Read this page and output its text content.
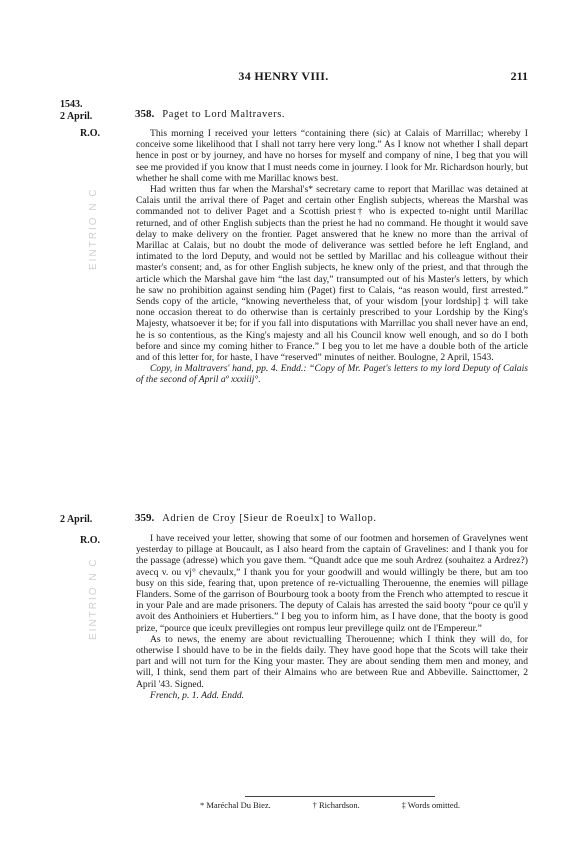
34 HENRY VIII.	211
1543.
2 April.
R.O.
358. Paget to Lord Maltravers.

This morning I received your letters “containing there (sic) at Calais of Marrillac; whereby I conceive some likelihood that I shall not tarry here very long.” As I know not whether I shall depart hence in post or by journey, and have no horses for myself and company of nine, I beg that you will see me provided if you know that I must needs come in journey. I look for Mr. Richardson hourly, but whether he shall come with me Marillac knows best.

Had written thus far when the Marshal's* secretary came to report that Marillac was detained at Calais until the arrival there of Paget and certain other English subjects, whereas the Marshal was commanded not to deliver Paget and a Scottish priest† who is expected to-night until Marillac returned, and of other English subjects than the priest he had no command. He thought it would save delay to make delivery on the frontier. Paget answered that he knew no more than the arrival of Marillac at Calais, but no doubt the mode of deliverance was settled before he left England, and intimated to the lord Deputy, and would not be settled by Marillac and his colleague without their master's consent; and, as for other English subjects, he knew only of the priest, and that through the article which the Marshal gave him “the last day,” transumpted out of his Master's letters, by which he saw no prohibition against sending him (Paget) first to Calais, “as reason would, first arrested.” Sends copy of the article, “knowing nevertheless that, of your wisdom [your lordship] ‡ will take none occasion thereat to do otherwise than is certainly prescribed to your Lordship by the King's Majesty, whatsoever it be; for if you fall into disputations with Marrillac you shall never have an end, he is so contentious, as the King's majesty and all his Council know well enough, and so do I both before and since my coming hither to France.” I beg you to let me have a double both of the article and of this letter for, for haste, I have “reserved” minutes of neither. Boulogne, 2 April, 1543.

Copy, in Maltravers' hand, pp. 4. Endd.: “Copy of Mr. Paget's letters to my lord Deputy of Calais of the second of April aº xxxiiij°.

2 April.
R.O.
359. Adrien de Croy [Sieur de Roeulx] to Wallop.

I have received your letter, showing that some of our footmen and horsemen of Gravelynes went yesterday to pillage at Boucault, as I also heard from the captain of Gravelines: and I thank you for the passage (adresse) which you gave them. “Quandt adce que me souh Ardrez (souhaitez a Ardrez?) avecq v. ou vj° chevaulx,” I thank you for your goodwill and would willingly be there, but am too busy on this side, fearing that, upon pretence of re-victualling Therouenne, the enemies will pillage Flanders. Some of the garrison of Bourbourg took a booty from the French who attempted to rescue it in your Pale and are made prisoners. The deputy of Calais has arrested the said booty “pour ce qu'il y avoit des Anthoiniers et Hubertiers.” I beg you to inform him, as I have done, that the booty is good prize, “pource que iceulx previllegies ont rompus leur previllege quilz ont de l'Empereur.”

As to news, the enemy are about revictualling Therouenne; which I think they will do, for otherwise I should have to be in the fields daily. They have good hope that the Scots will take their part and will not turn for the King your master. They are about sending them men and money, and will, I think, send them part of their Almains who are between Rue and Abbeville. Saincttomer, 2 April '43. Signed.

French, p. 1. Add. Endd.

EINTRIO N C
EINTRIO N C
* Maréchal Du Biez.	† Richardson.	‡ Words omitted.
